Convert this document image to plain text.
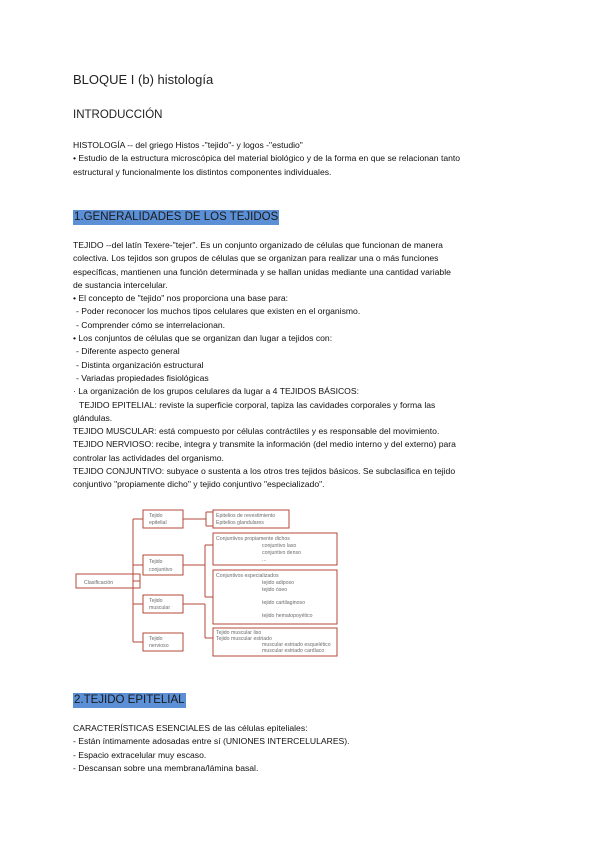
BLOQUE I (b) histología
INTRODUCCIÓN
HISTOLOGÍA -- del griego Histos -"tejido"- y logos -"estudio"
• Estudio de la estructura microscópica del material biológico y de la forma en que se relacionan tanto
estructural y funcionalmente los distintos componentes individuales.
1.GENERALIDADES DE LOS TEJIDOS
TEJIDO --del latín Texere-"tejer". Es un conjunto organizado de células que funcionan de manera
colectiva. Los tejidos son grupos de células que se organizan para realizar una o más funciones
específicas, mantienen una función determinada y se hallan unidas mediante una cantidad variable
de sustancia intercelular.
• El concepto de "tejido" nos proporciona una base para:
- Poder reconocer los muchos tipos celulares que existen en el organismo.
- Comprender cómo se interrelacionan.
• Los conjuntos de células que se organizan dan lugar a tejidos con:
- Diferente aspecto general
- Distinta organización estructural
- Variadas propiedades fisiológicas
· La organización de los grupos celulares da lugar a 4 TEJIDOS BÁSICOS:
TEJIDO EPITELIAL: reviste la superficie corporal, tapiza las cavidades corporales y forma las
glándulas.
TEJIDO MUSCULAR: está compuesto por células contráctiles y es responsable del movimiento.
TEJIDO NERVIOSO: recibe, integra y transmite la información (del medio interno y del externo) para
controlar las actividades del organismo.
TEJIDO CONJUNTIVO: subyace o sustenta a los otros tres tejidos básicos. Se subclasifica en tejido
conjuntivo "propiamente dicho" y tejido conjuntivo "especializado".
2.TEJIDO EPITELIAL
CARACTERÍSTICAS ESENCIALES de las células epiteliales:
- Están íntimamente adosadas entre sí (UNIONES INTERCELULARES).
- Espacio extracelular muy escaso.
- Descansan sobre una membrana/lámina basal.
Clasificación
Tejido
epitelial
Tejido
conjuntivo
Tejido
muscular
Tejido
nervioso
Epitelios de revestimiento
Epitelios glandulares
Conjuntivos propiamente dichos
conjuntivo laxo
conjuntivo denso
...
Conjuntivos especializados
tejido adiposo
tejido óseo
tejido cartilaginoso
tejido hematopoyético
Tejido muscular liso
Tejido muscular estriado
muscular estriado esquelético
muscular estriado cardíaco
